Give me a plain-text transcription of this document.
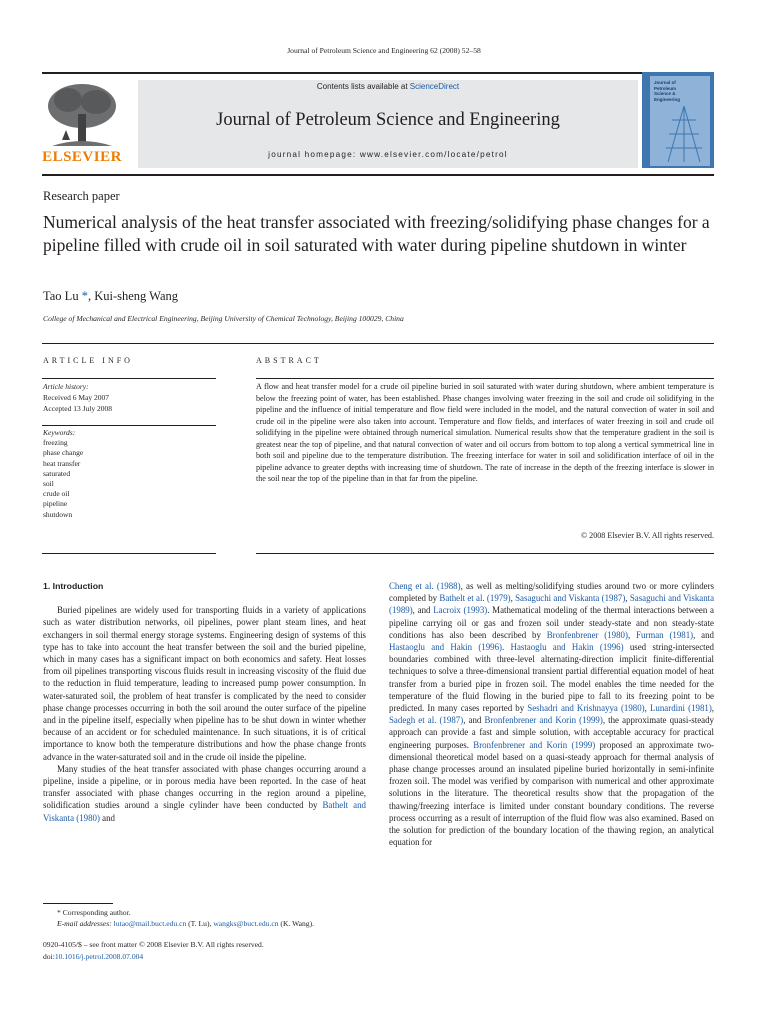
Journal of Petroleum Science and Engineering 62 (2008) 52–58
ELSEVIER
Contents lists available at ScienceDirect
Journal of Petroleum Science and Engineering
journal homepage: www.elsevier.com/locate/petrol
Journal of
Petroleum
Science &
Engineering
Research paper
Numerical analysis of the heat transfer associated with freezing/solidifying phase changes for a pipeline filled with crude oil in soil saturated with water during pipeline shutdown in winter
Tao Lu *, Kui-sheng Wang
College of Mechanical and Electrical Engineering, Beijing University of Chemical Technology, Beijing 100029, China
ARTICLE INFO	ABSTRACT
Article history:
Received 6 May 2007
Accepted 13 July 2008
Keywords:
freezing
phase change
heat transfer
saturated
soil
crude oil
pipeline
shutdown
A flow and heat transfer model for a crude oil pipeline buried in soil saturated with water during shutdown, where ambient temperature is below the freezing point of water, has been established. Phase changes involving water freezing in the soil and crude oil solidifying in the pipeline and the influence of initial temperature and flow field were included in the model, and the natural convection of water in soil and crude oil in the pipeline were also taken into account. Temperature and flow fields, and interfaces of water freezing in soil and crude oil solidifying in the pipeline were obtained through numerical simulation. Numerical results show that the temperature gradient in the soil is greatest near the top of pipeline, and that natural convection of water and oil occurs from bottom to top along a vertical symmetrical line in both soil and pipeline due to the temperature distribution. The freezing interface for water in soil and solidification interface of oil in the pipeline advance to greater depths with increasing time of shutdown. The rate of increase in the depth of the freezing interface is slower in the soil near the top of the pipeline than in that far from the pipeline.
© 2008 Elsevier B.V. All rights reserved.
1. Introduction

Buried pipelines are widely used for transporting fluids in a variety of applications such as water distribution networks, oil pipelines, power plant steam lines, and heat exchangers in soil thermal energy storage systems. Engineering design of systems of this type has to take into account the heat transfer between the soil and the buried pipeline, which in many cases has a significant impact on both economics and safety. Heat losses from oil pipelines transporting viscous fluids result in increasing viscosity of the fluid due to the reduction in fluid temperature, leading to increased pump power consumption. In water-saturated soil, the problem of heat transfer is complicated by the need to consider phase change processes occurring in both the soil around the outer surface of the pipeline and in the pipeline itself, especially when pipeline has to be shut down in winter whether because of an accident or for scheduled maintenance. In such situations, it is of critical importance to know both the temperature distributions and how the phase change fronts advance in the water-saturated soil and in the crude oil inside the pipeline.

Many studies of the heat transfer associated with phase changes occurring around a pipeline, inside a pipeline, or in porous media have been reported. In the case of heat transfer associated with phase changes occurring in the region around a pipeline, solidification studies around a single cylinder have been conducted by Bathelt and Viskanta (1980) and

Cheng et al. (1988), as well as melting/solidifying studies around two or more cylinders completed by Bathelt et al. (1979), Sasaguchi and Viskanta (1987), Sasaguchi and Viskanta (1989), and Lacroix (1993). Mathematical modeling of the thermal interactions between a pipeline carrying oil or gas and frozen soil under steady-state and non steady-state conditions has also been described by Bronfenbrener (1980), Furman (1981), and Hastaoglu and Hakin (1996). Hastaoglu and Hakin (1996) used string-intersected boundaries combined with three-level alternating-direction implicit finite-differential techniques to solve a three-dimensional transient partial differential equation model of heat transfer from a buried pipe in frozen soil. The model enables the time needed for the temperature of the fluid flowing in the buried pipe to fall to its freezing point to be predicted. In many cases reported by Seshadri and Krishnayya (1980), Lunardini (1981), Sadegh et al. (1987), and Bronfenbrener and Korin (1999), the approximate quasi-steady approach can provide a fast and simple solution, with acceptable accuracy for practical engineering purposes. Bronfenbrener and Korin (1999) proposed an approximate two-dimensional theoretical model based on a quasi-steady approach for thermal analysis of phase change processes around an insulated pipeline buried horizontally in semi-infinite frozen soil. The model was verified by comparison with numerical and other approximate solutions in the literature. The theoretical results show that the propagation of the thawing/freezing interface is limited under constant boundary conditions. The reverse process occurring as a result of interruption of the fluid flow was also examined. Based on the solution for prediction of the boundary location of the thawing region, an analytical equation for

* Corresponding author.
E-mail addresses: lutao@mail.buct.edu.cn (T. Lu), wangks@buct.edu.cn (K. Wang).
0920-4105/$ – see front matter © 2008 Elsevier B.V. All rights reserved.
doi:10.1016/j.petrol.2008.07.004
